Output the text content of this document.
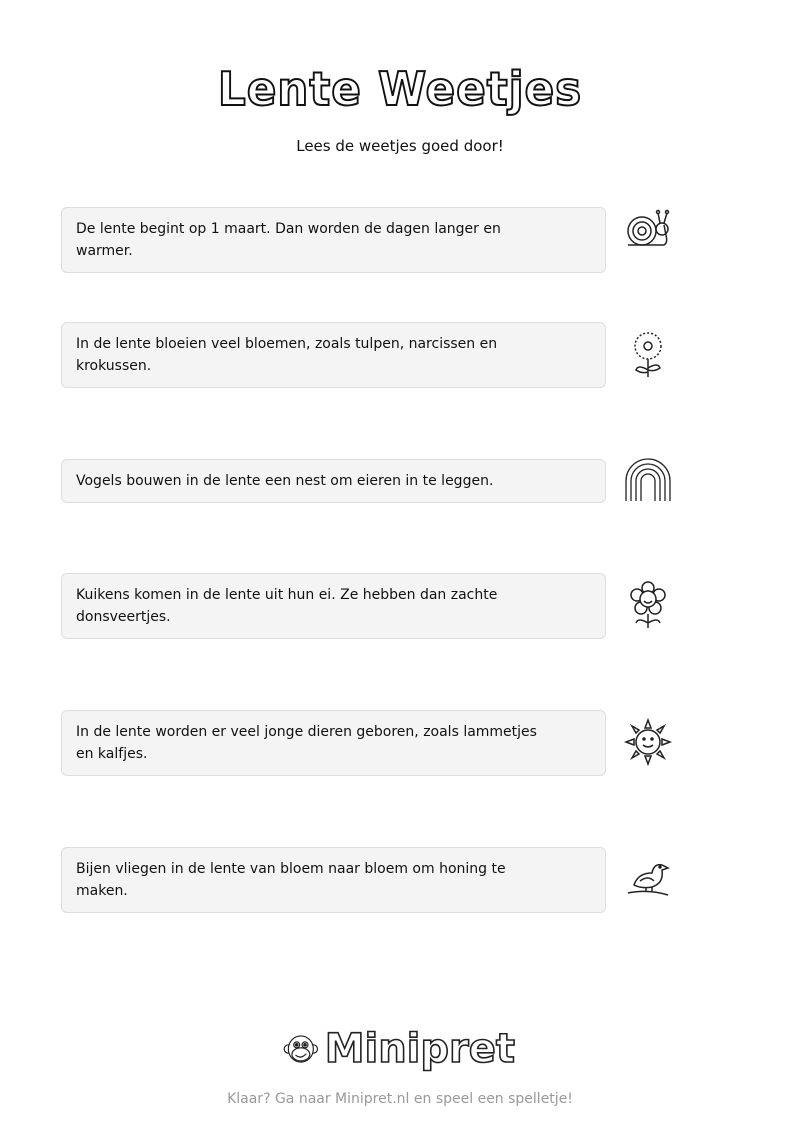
Lente Weetjes
Lees de weetjes goed door!
De lente begint op 1 maart. Dan worden de dagen langer en warmer.
In de lente bloeien veel bloemen, zoals tulpen, narcissen en krokussen.
Vogels bouwen in de lente een nest om eieren in te leggen.
Kuikens komen in de lente uit hun ei. Ze hebben dan zachte donsveertjes.
In de lente worden er veel jonge dieren geboren, zoals lammetjes en kalfjes.
Bijen vliegen in de lente van bloem naar bloem om honing te maken.
Minipret
Klaar? Ga naar Minipret.nl en speel een spelletje!
